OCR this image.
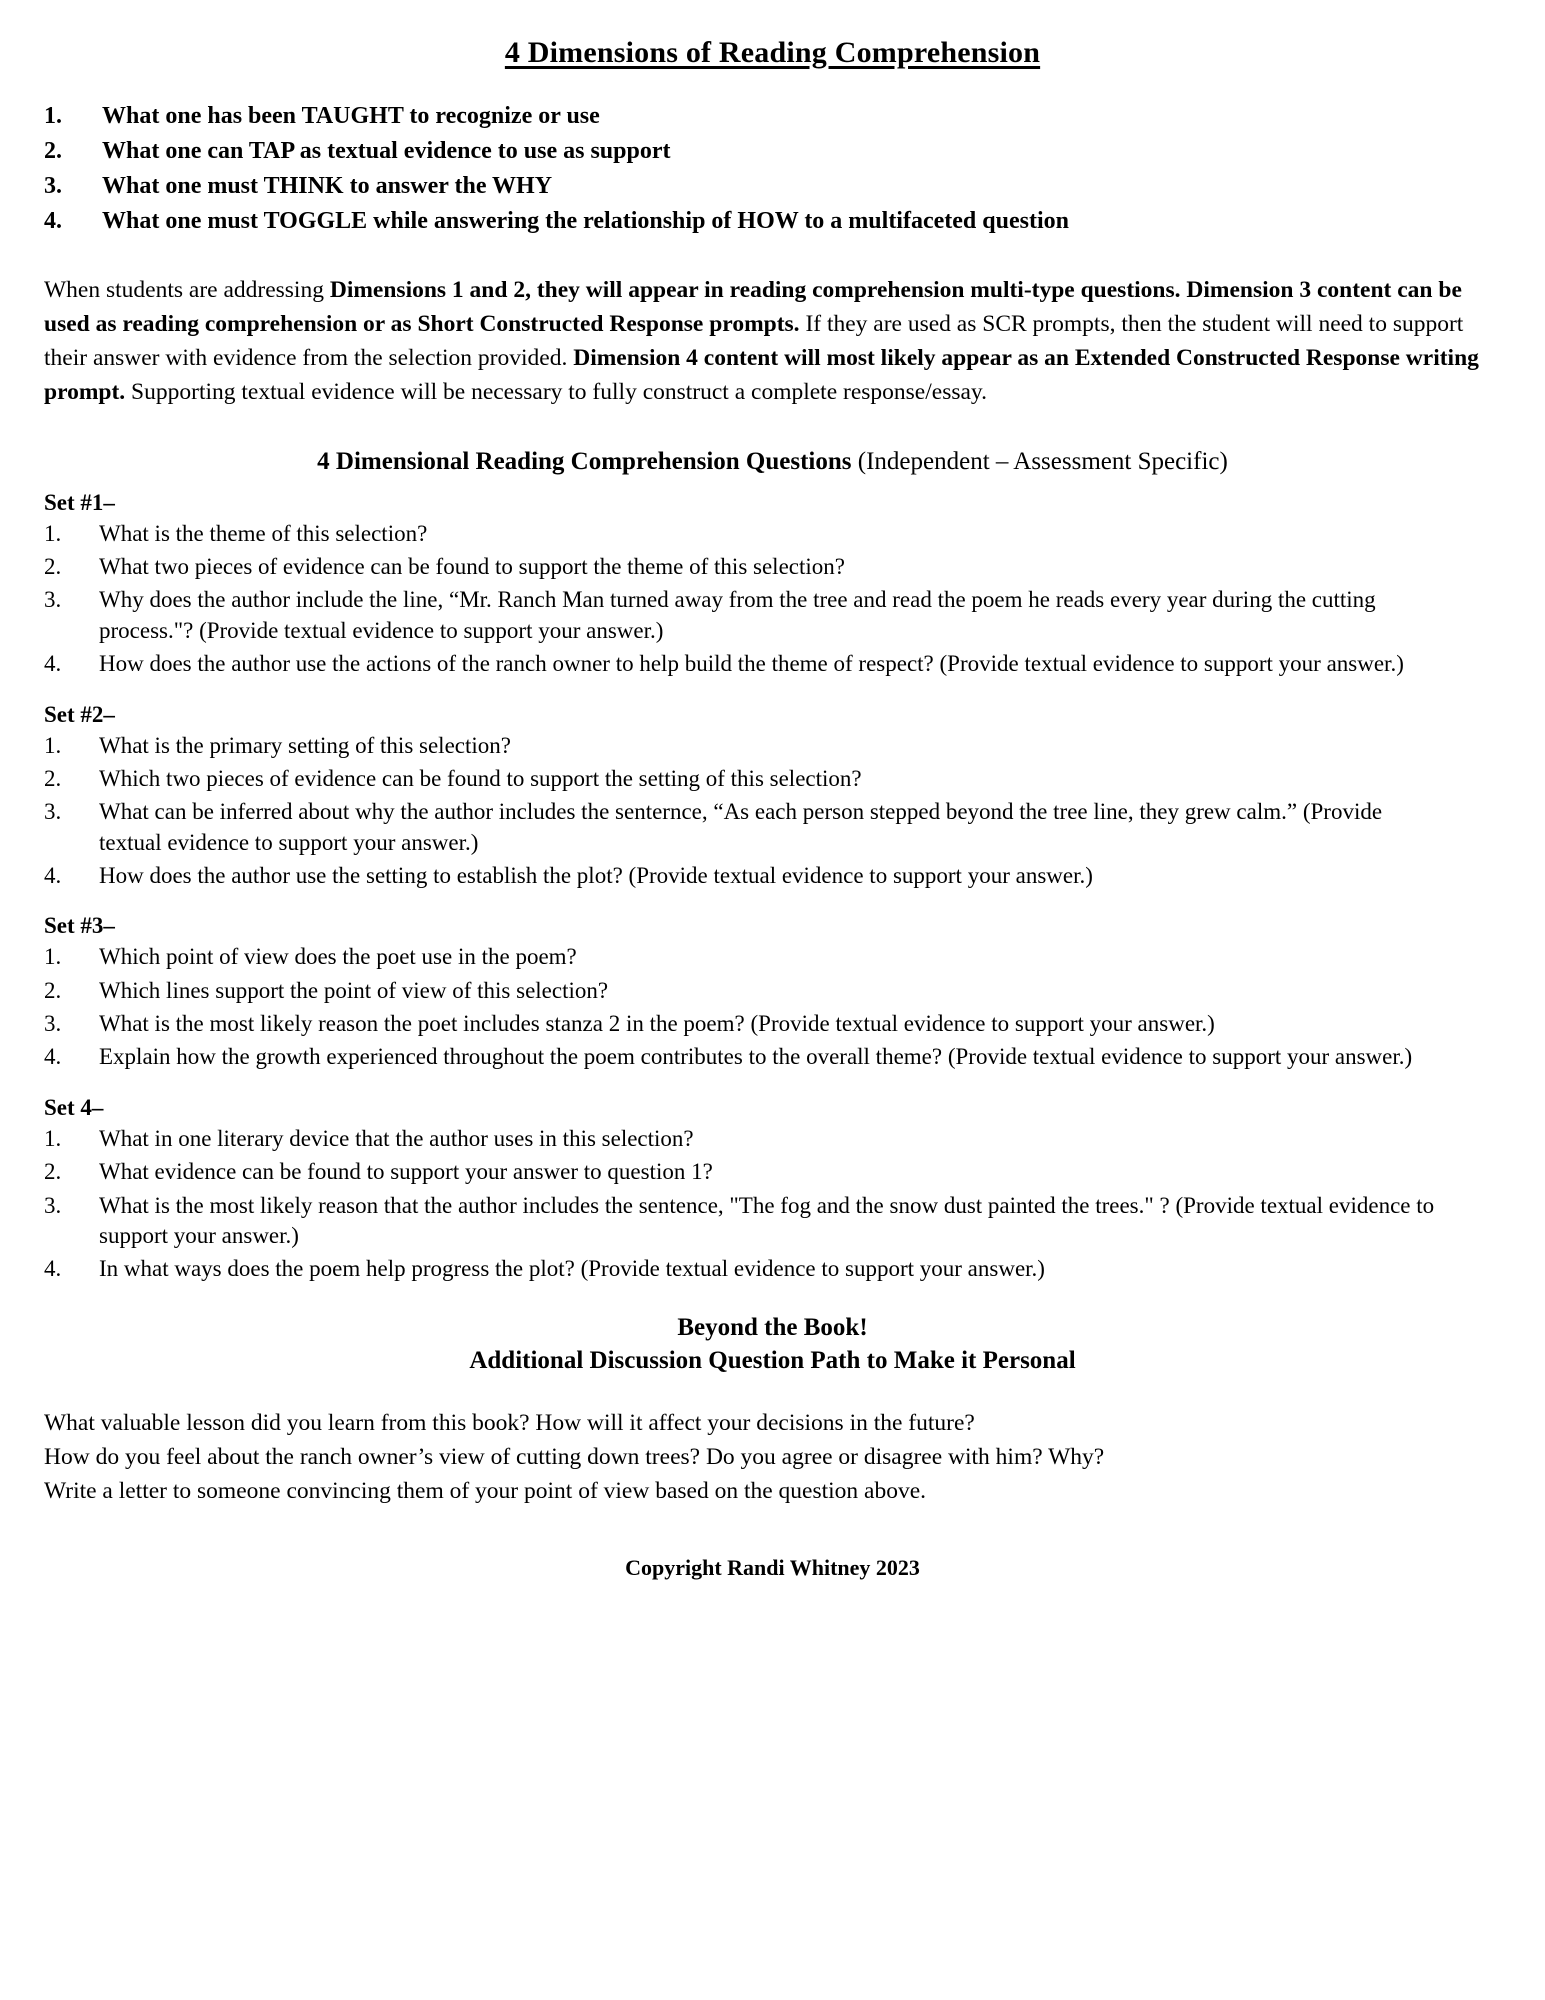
4 Dimensions of Reading Comprehension
1.	What one has been TAUGHT to recognize or use
2.	What one can TAP as textual evidence to use as support
3.	What one must THINK to answer the WHY
4.	What one must TOGGLE while answering the relationship of HOW to a multifaceted question

When students are addressing Dimensions 1 and 2, they will appear in reading comprehension multi-type questions. Dimension 3 content can be used as reading comprehension or as Short Constructed Response prompts. If they are used as SCR prompts, then the student will need to support their answer with evidence from the selection provided. Dimension 4 content will most likely appear as an Extended Constructed Response writing prompt. Supporting textual evidence will be necessary to fully construct a complete response/essay.

4 Dimensional Reading Comprehension Questions (Independent – Assessment Specific)
Set #1–
1.	What is the theme of this selection?
2.	What two pieces of evidence can be found to support the theme of this selection?
3.	Why does the author include the line, “Mr. Ranch Man turned away from the tree and read the poem he reads every year during the cutting process."? (Provide textual evidence to support your answer.)
4.	How does the author use the actions of the ranch owner to help build the theme of respect? (Provide textual evidence to support your answer.)
Set #2–
1.	What is the primary setting of this selection?
2.	Which two pieces of evidence can be found to support the setting of this selection?
3.	What can be inferred about why the author includes the senternce, “As each person stepped beyond the tree line, they grew calm.” (Provide textual evidence to support your answer.)
4.	How does the author use the setting to establish the plot? (Provide textual evidence to support your answer.)
Set #3–
1.	Which point of view does the poet use in the poem?
2.	Which lines support the point of view of this selection?
3.	What is the most likely reason the poet includes stanza 2 in the poem? (Provide textual evidence to support your answer.)
4.	Explain how the growth experienced throughout the poem contributes to the overall theme? (Provide textual evidence to support your answer.)
Set 4–
1.	What in one literary device that the author uses in this selection?
2.	What evidence can be found to support your answer to question 1?
3.	What is the most likely reason that the author includes the sentence, "The fog and the snow dust painted the trees." ? (Provide textual evidence to support your answer.)
4.	In what ways does the poem help progress the plot? (Provide textual evidence to support your answer.)
Beyond the Book!
Additional Discussion Question Path to Make it Personal
What valuable lesson did you learn from this book? How will it affect your decisions in the future?
How do you feel about the ranch owner’s view of cutting down trees? Do you agree or disagree with him? Why?
Write a letter to someone convincing them of your point of view based on the question above.
Copyright Randi Whitney 2023
